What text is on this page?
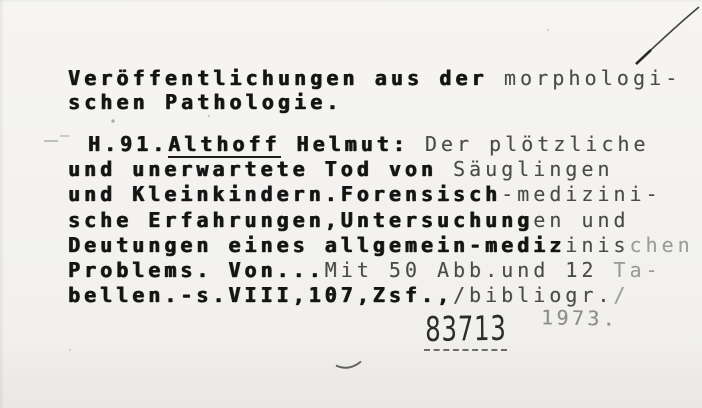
Veröffentlichungen aus der morphologi-
schen Pathologie.
H.91.Althoff Helmut: Der plötzliche
und unerwartete Tod von Säuglingen
und Kleinkindern.Forensisch-medizini-
sche Erfahrungen,Untersuchungen und
Deutungen eines allgemein-medizinischen
Problems. Von...Mit 50 Abb.und 12 Ta-
bellen.-s.VIII,107,Zsf.,/bibliogr./
1973.
83713
